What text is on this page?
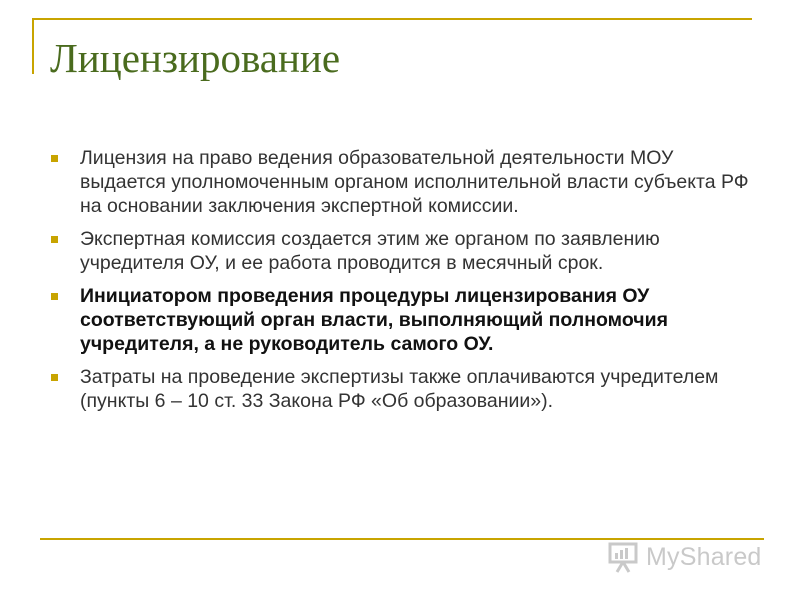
Лицензирование
Лицензия на право ведения образовательной деятельности МОУ выдается уполномоченным органом исполнительной власти субъекта РФ на основании заключения экспертной комиссии.
Экспертная комиссия создается этим же органом по заявлению учредителя ОУ, и ее работа проводится в месячный срок.
Инициатором проведения процедуры лицензирования ОУ соответствующий орган власти, выполняющий полномочия учредителя, а не руководитель самого ОУ.
Затраты на проведение экспертизы также оплачиваются учредителем (пункты 6 – 10 ст. 33 Закона РФ «Об образовании»).
MyShared
